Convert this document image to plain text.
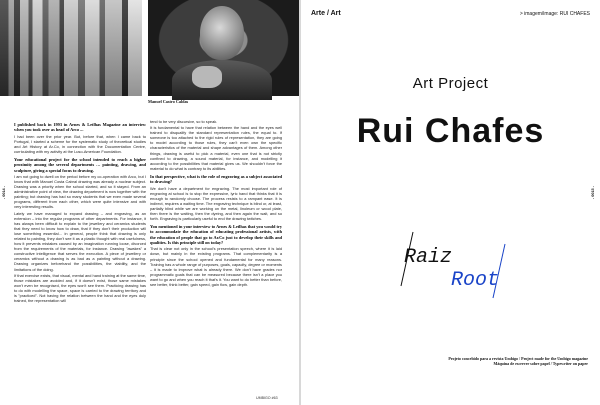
Manuel Castro Caldas

I published back in 1993 in Arnes & Letlhas Magazine an interview when you took over as head of Arco ...

I had been over the prior year. But, before that, when I came back to Portugal, I started a scheme for the systematic study of theoretical studies and Art History at Ar.Co, in connection with the Documentation Centre, curriculating with my activity at the Luso-American Foundation.

Your educational project for the school intended to reach a higher proximity among the several departments … painting, drawing, and sculpture, giving a special focus to drawing.

I am not going to dwell on the period before my co-operation with Arco, but I know that with Manuel Costa Cabral drawing was already a nuclear subject. Drawing was a priority when the school started, and so it stayed. From an administrative point of view, the drawing department is now together with the painting; but drawing has had so many students that we even made several programs, different from each other, which were quite intensive and with very interesting results.

Lately we have managed to expand drawing – and engraving, as an extension – into the regular programs of other departments. For instance, it has always been difficult to explain to the jewellery and ceramics students that they need to know how to draw, that if they don't their production will lose something essential… in general, people think that drawing is only related to painting, they don't see it as a plastic thought with real usefulness, how it prevents mistakes caused by an imagination running loose, divorced from the requirements of the materials, for instance. Drawing "awakes" a constructive intelligence that serves the execution. A piece of jewellery or ceramics without a drawing is as bad as a painting without a drawing. Drawing organizes beforehand the possibilities, the viability, and the limitations of the doing.

If that exercise exists, that visual, mental and hand training at the same time, those mistakes are avoided and, if it doesn't exist, those same mistakes won't even be recognised, the eyes won't see them. Practicing drawing has to do with modelling the space, space is carried to the drawing territory and is "practiced". Not having the relation between the hand and the eyes duly trained, the representation will

tend to be very discursive, so to speak.

It is fundamental to have that relation between the hand and the eyes well trained to disqualify the standard representation rules, the equal to. If someone is too attached to the rigid rules of representation, they are going to model according to those rules, they can't even own the specific characteristics of the material and shape advantages of them. Among other things, drawing is useful to pick a material, even one that is not strictly confined to drawing, a sound material, for instance, and modelling it according to the possibilities that material gives us. We shouldn't force the material to do what is contrary to its abilities.

In that perspective, what is the role of engraving as a subject associated to drawing?

We don't have a department for engraving. The most important role of engraving at school is to stop the expressive, lyric hand that thinks that it is enough to randomly choose. The process resists to a rampant ease. It is indirect, requires a waiting time. The engraving technique is blind or, at least, partially blind while we are working on the metal, linoleum or wood plate, then there is the waiting, then the dyeing, and then again the wait, and so forth. Engraving is particularly useful to end the drawing twitches.

You mentioned in your interview to Arnes & Letlhas that you would try to accommodate the education of educating professional artists, with the education of people that go to Ar.Co just to develop their skills and qualities. Is this principle still on today?

That is clear not only in the school's presentation speech, where it is laid down, but mainly in the existing programs. That complementarity is a principle since the school opened and fundamental for many reasons. Training has a whole range of purposes, goals, capacity, degree or moments – it is made to improve what is already there. We don't have grades nor programmatic goals that can be measured because there isn't a place you want to go and when you reach it that's it. You want to do better than before, see better, think better, gain speed, gain flow, gain depth.

UMBIGO #63
- 0014 -
Arte / Art	> imagem/image: RUI CHAFES
Art Project
Rui Chafes
Raiz
Root
Projeto concebido para a revista Umbigo / Project made for the Umbigo magazine
Máquina de escrever sobre papel / Typewriter on paper
- 0015 -
